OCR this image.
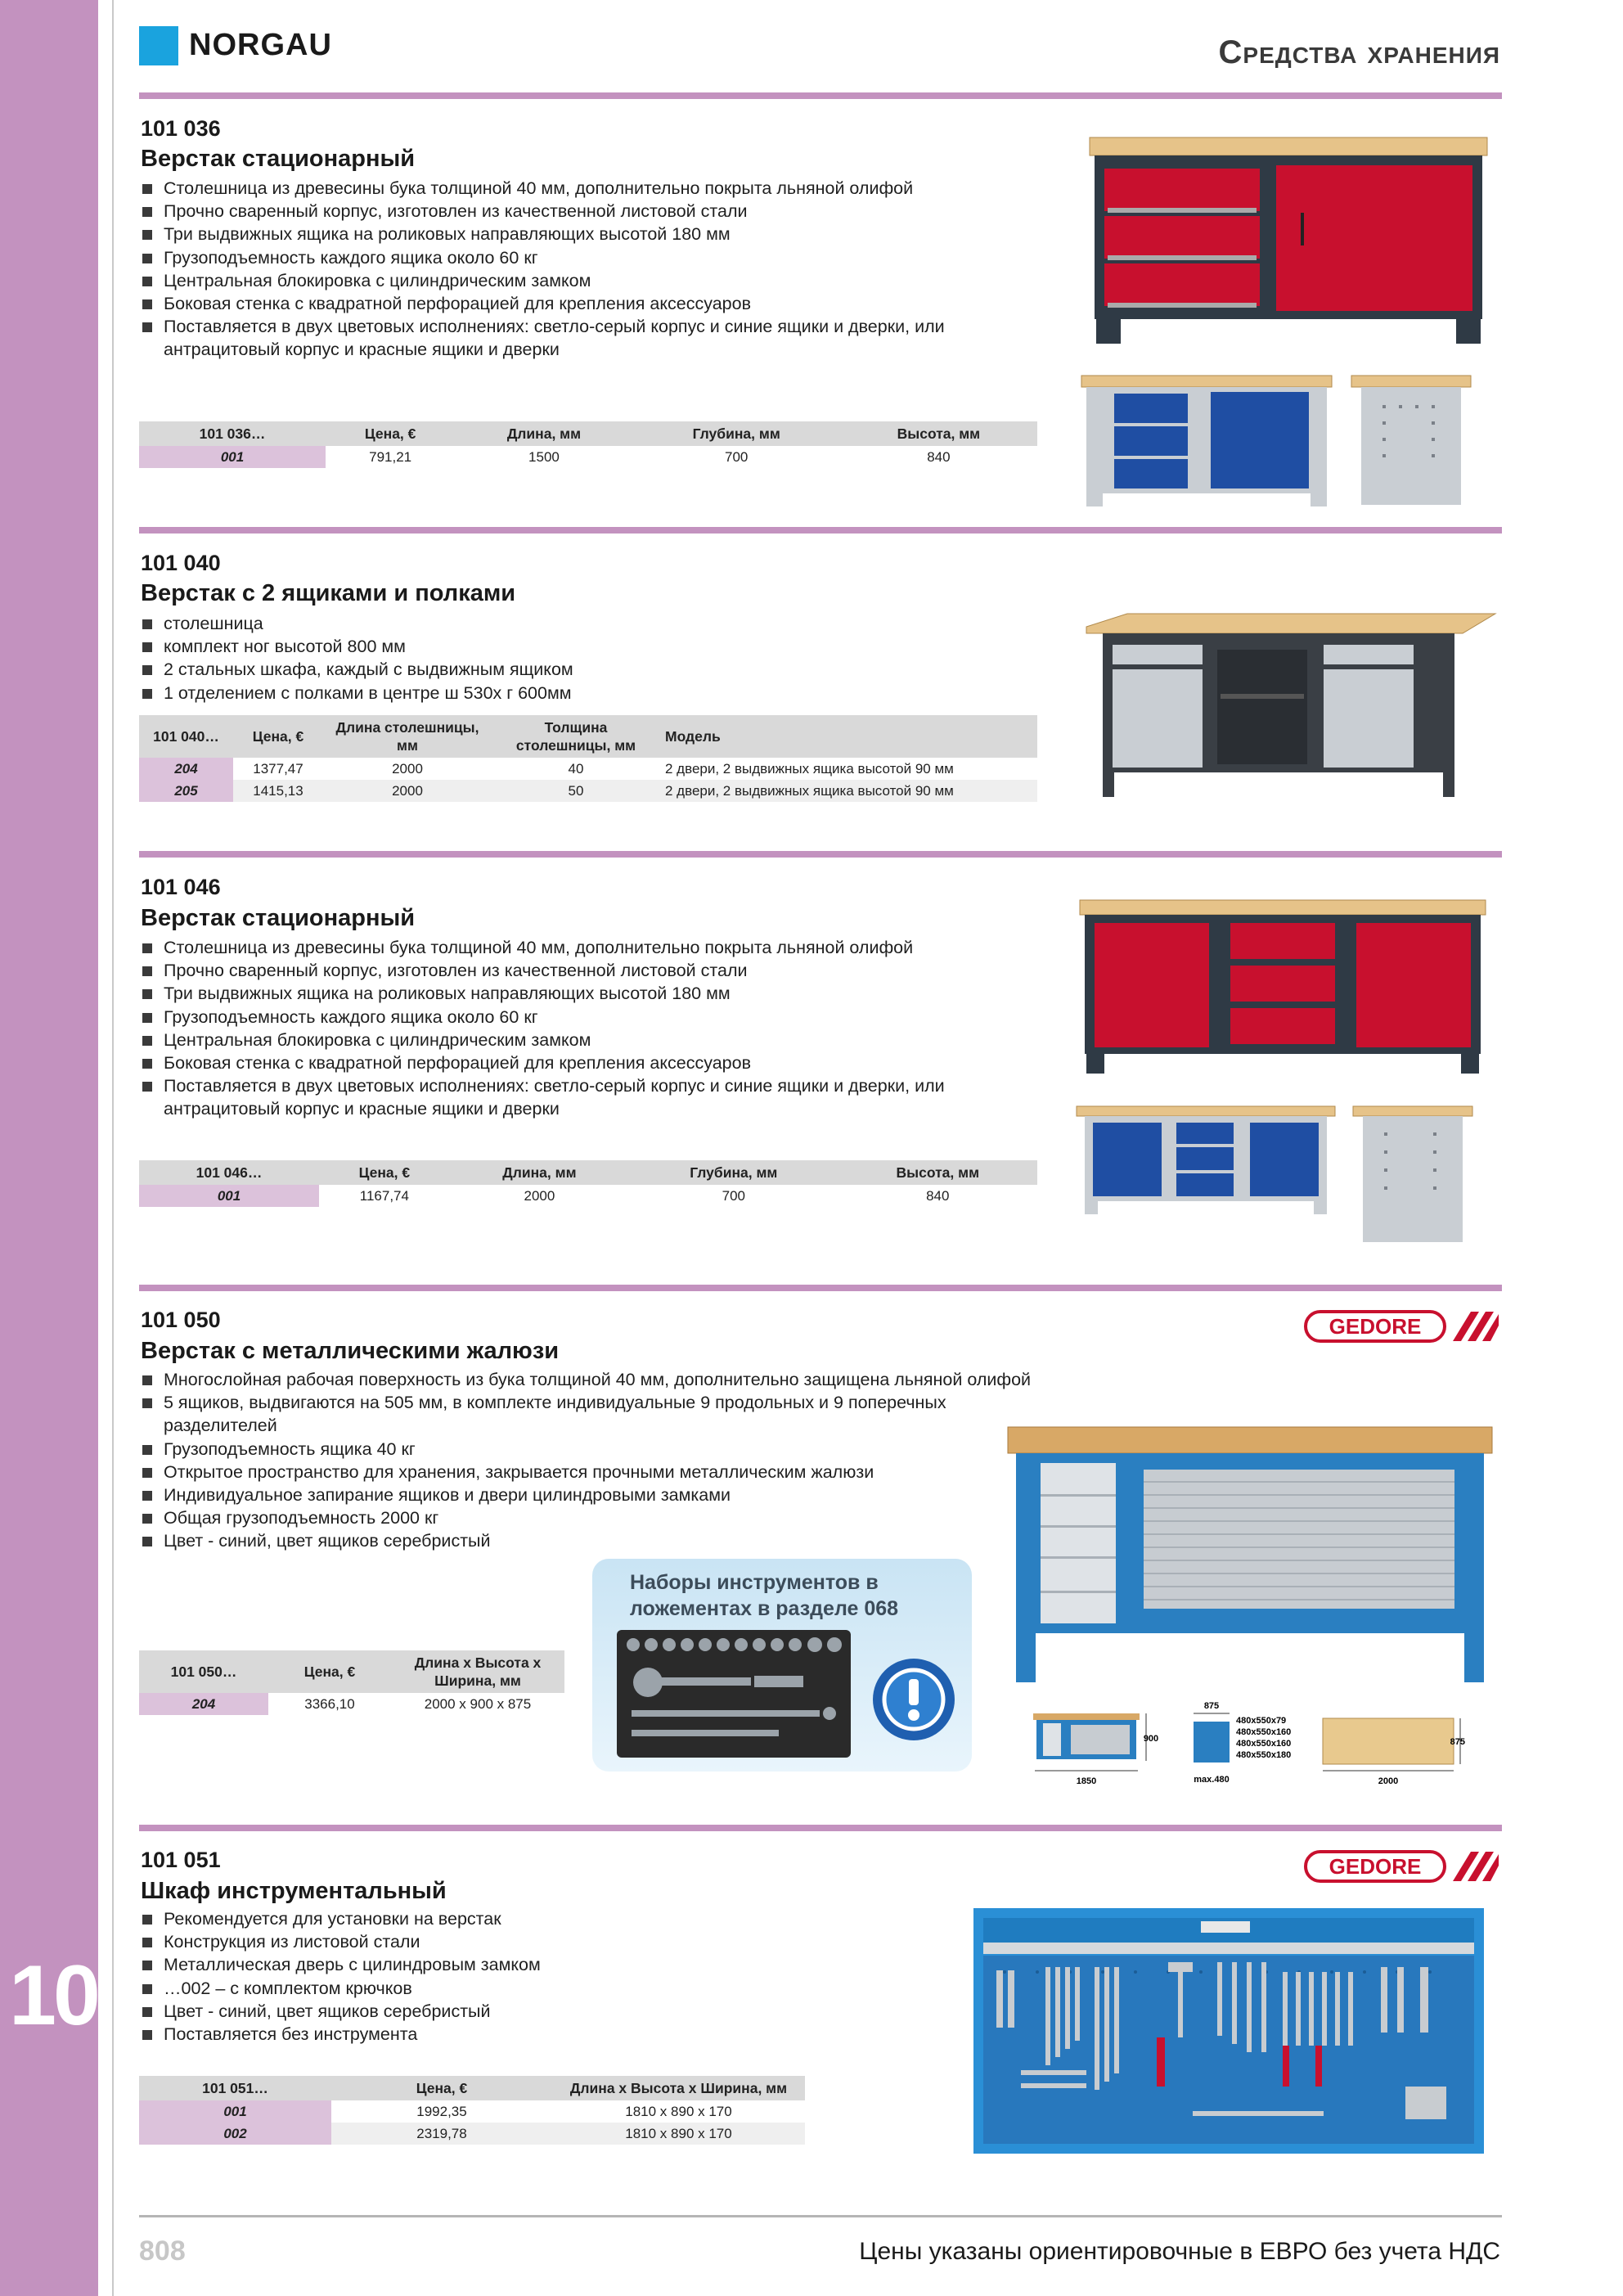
10
NORGAU	Средства хранения
101 036
Верстак стационарный
Столешница из древесины бука толщиной 40 мм, дополнительно покрыта льняной олифой
Прочно сваренный корпус, изготовлен из качественной листовой стали
Три выдвижных ящика на роликовых направляющих высотой 180 мм
Грузоподъемность каждого ящика около 60 кг
Центральная блокировка с цилиндрическим замком
Боковая стенка с квадратной перфорацией для крепления аксессуаров
Поставляется в двух цветовых исполнениях: светло-серый корпус и синие ящики и дверки, или антрацитовый корпус и красные ящики и дверки
101 036…	Цена, €	Длина, мм	Глубина, мм	Высота, мм
001	791,21	1500	700	840
101 040
Верстак с 2 ящиками и полками
столешница
комплект ног высотой 800 мм
2 стальных шкафа, каждый с выдвижным ящиком
1 отделением с полками в центре ш 530х г 600мм
101 040…	Цена, €	Длина столешницы, мм	Толщина столешницы, мм	Модель
204	1377,47	2000	40	2 двери, 2 выдвижных ящика высотой 90 мм
205	1415,13	2000	50	2 двери, 2 выдвижных ящика высотой 90 мм
101 046
Верстак стационарный
Столешница из древесины бука толщиной 40 мм, дополнительно покрыта льняной олифой
Прочно сваренный корпус, изготовлен из качественной листовой стали
Три выдвижных ящика на роликовых направляющих высотой 180 мм
Грузоподъемность каждого ящика около 60 кг
Центральная блокировка с цилиндрическим замком
Боковая стенка с квадратной перфорацией для крепления аксессуаров
Поставляется в двух цветовых исполнениях: светло-серый корпус и синие ящики и дверки, или антрацитовый корпус и красные ящики и дверки
101 046…	Цена, €	Длина, мм	Глубина, мм	Высота, мм
001	1167,74	2000	700	840
101 050
Верстак с металлическими жалюзи
GEDORE
Многослойная рабочая поверхность из бука толщиной 40 мм, дополнительно защищена льняной олифой
5 ящиков, выдвигаются на 505 мм, в комплекте индивидуальные 9 продольных и 9 поперечных разделителей
Грузоподъемность ящика 40 кг
Открытое пространство для хранения, закрывается прочными металлическим жалюзи
Индивидуальное запирание ящиков и двери цилиндровыми замками
Общая грузоподъемность 2000 кг
Цвет - синий, цвет ящиков серебристый
Наборы инструментов в ложементах в разделе 068
101 050…	Цена, €	Длина х Высота х Ширина, мм
204	3366,10	2000 x 900 x 875
1850
900
875
max.480
480x550x79
480x550x160
480x550x160
480x550x180
2000
875
101 051
Шкаф инструментальный
GEDORE
Рекомендуется для установки на верстак
Конструкция из листовой стали
Металлическая дверь с цилиндровым замком
…002 – с комплектом крючков
Цвет - синий, цвет ящиков серебристый
Поставляется без инструмента
101 051…	Цена, €	Длина х Высота х Ширина, мм
001	1992,35	1810 x 890 x 170
002	2319,78	1810 x 890 x 170
808	Цены указаны ориентировочные в ЕВРО без учета НДС
